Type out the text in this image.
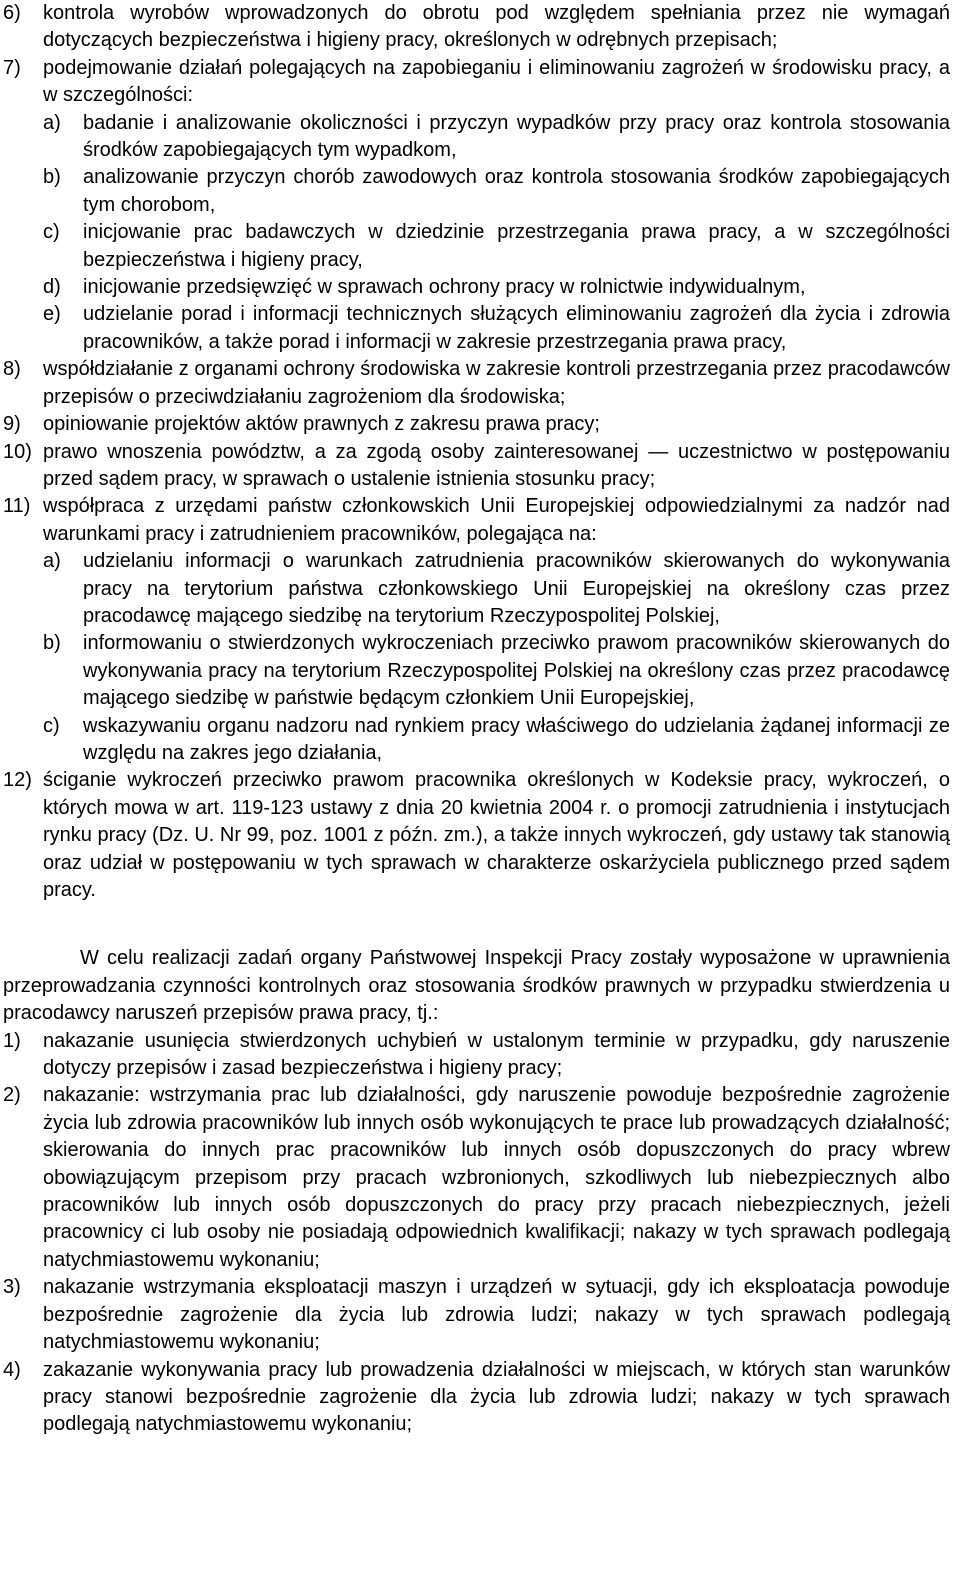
6) kontrola wyrobów wprowadzonych do obrotu pod względem spełniania przez nie wymagań dotyczących bezpieczeństwa i higieny pracy, określonych w odrębnych przepisach;
7) podejmowanie działań polegających na zapobieganiu i eliminowaniu zagrożeń w środowisku pracy, a w szczególności:
a) badanie i analizowanie okoliczności i przyczyn wypadków przy pracy oraz kontrola stosowania środków zapobiegających tym wypadkom,
b) analizowanie przyczyn chorób zawodowych oraz kontrola stosowania środków zapobiegających tym chorobom,
c) inicjowanie prac badawczych w dziedzinie przestrzegania prawa pracy, a w szczególności bezpieczeństwa i higieny pracy,
d) inicjowanie przedsięwzięć w sprawach ochrony pracy w rolnictwie indywidualnym,
e) udzielanie porad i informacji technicznych służących eliminowaniu zagrożeń dla życia i zdrowia pracowników, a także porad i informacji w zakresie przestrzegania prawa pracy,
8) współdziałanie z organami ochrony środowiska w zakresie kontroli przestrzegania przez pracodawców przepisów o przeciwdziałaniu zagrożeniom dla środowiska;
9) opiniowanie projektów aktów prawnych z zakresu prawa pracy;
10) prawo wnoszenia powództw, a za zgodą osoby zainteresowanej — uczestnictwo w postępowaniu przed sądem pracy, w sprawach o ustalenie istnienia stosunku pracy;
11) współpraca z urzędami państw członkowskich Unii Europejskiej odpowiedzialnymi za nadzór nad warunkami pracy i zatrudnieniem pracowników, polegająca na:
a) udzielaniu informacji o warunkach zatrudnienia pracowników skierowanych do wykonywania pracy na terytorium państwa członkowskiego Unii Europejskiej na określony czas przez pracodawcę mającego siedzibę na terytorium Rzeczypospolitej Polskiej,
b) informowaniu o stwierdzonych wykroczeniach przeciwko prawom pracowników skierowanych do wykonywania pracy na terytorium Rzeczypospolitej Polskiej na określony czas przez pracodawcę mającego siedzibę w państwie będącym członkiem Unii Europejskiej,
c) wskazywaniu organu nadzoru nad rynkiem pracy właściwego do udzielania żądanej informacji ze względu na zakres jego działania,
12) ściganie wykroczeń przeciwko prawom pracownika określonych w Kodeksie pracy, wykroczeń, o których mowa w art. 119-123 ustawy z dnia 20 kwietnia 2004 r. o promocji zatrudnienia i instytucjach rynku pracy (Dz. U. Nr 99, poz. 1001 z późn. zm.), a także innych wykroczeń, gdy ustawy tak stanowią oraz udział w postępowaniu w tych sprawach w charakterze oskarżyciela publicznego przed sądem pracy.

W celu realizacji zadań organy Państwowej Inspekcji Pracy zostały wyposażone w uprawnienia przeprowadzania czynności kontrolnych oraz stosowania środków prawnych w przypadku stwierdzenia u pracodawcy naruszeń przepisów prawa pracy, tj.:

1) nakazanie usunięcia stwierdzonych uchybień w ustalonym terminie w przypadku, gdy naruszenie dotyczy przepisów i zasad bezpieczeństwa i higieny pracy;
2) nakazanie: wstrzymania prac lub działalności, gdy naruszenie powoduje bezpośrednie zagrożenie życia lub zdrowia pracowników lub innych osób wykonujących te prace lub prowadzących działalność; skierowania do innych prac pracowników lub innych osób dopuszczonych do pracy wbrew obowiązującym przepisom przy pracach wzbronionych, szkodliwych lub niebezpiecznych albo pracowników lub innych osób dopuszczonych do pracy przy pracach niebezpiecznych, jeżeli pracownicy ci lub osoby nie posiadają odpowiednich kwalifikacji; nakazy w tych sprawach podlegają natychmiastowemu wykonaniu;
3) nakazanie wstrzymania eksploatacji maszyn i urządzeń w sytuacji, gdy ich eksploatacja powoduje bezpośrednie zagrożenie dla życia lub zdrowia ludzi; nakazy w tych sprawach podlegają natychmiastowemu wykonaniu;
4) zakazanie wykonywania pracy lub prowadzenia działalności w miejscach, w których stan warunków pracy stanowi bezpośrednie zagrożenie dla życia lub zdrowia ludzi; nakazy w tych sprawach podlegają natychmiastowemu wykonaniu;
